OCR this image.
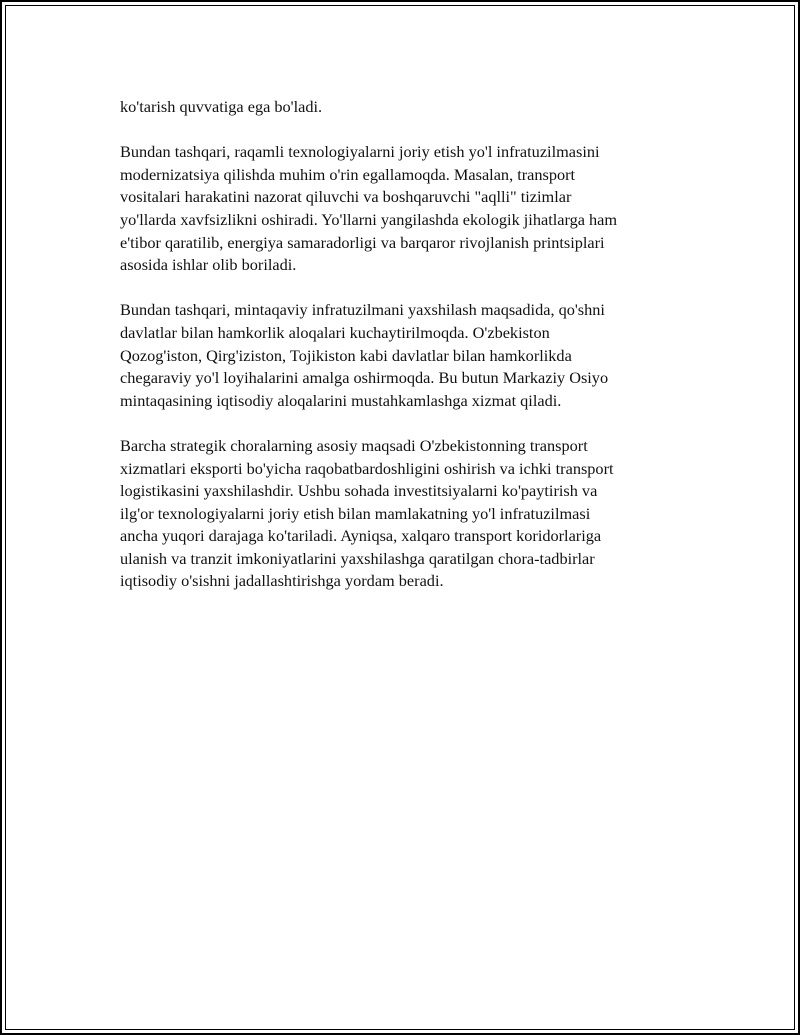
ko'tarish quvvatiga ega bo'ladi.

Bundan tashqari, raqamli texnologiyalarni joriy etish yo'l infratuzilmasini
modernizatsiya qilishda muhim o'rin egallamoqda. Masalan, transport
vositalari harakatini nazorat qiluvchi va boshqaruvchi "aqlli" tizimlar
yo'llarda xavfsizlikni oshiradi. Yo'llarni yangilashda ekologik jihatlarga ham
e'tibor qaratilib, energiya samaradorligi va barqaror rivojlanish printsiplari
asosida ishlar olib boriladi.

Bundan tashqari, mintaqaviy infratuzilmani yaxshilash maqsadida, qo'shni
davlatlar bilan hamkorlik aloqalari kuchaytirilmoqda. O'zbekiston
Qozog'iston, Qirg'iziston, Tojikiston kabi davlatlar bilan hamkorlikda
chegaraviy yo'l loyihalarini amalga oshirmoqda. Bu butun Markaziy Osiyo
mintaqasining iqtisodiy aloqalarini mustahkamlashga xizmat qiladi.

Barcha strategik choralarning asosiy maqsadi O'zbekistonning transport
xizmatlari eksporti bo'yicha raqobatbardoshligini oshirish va ichki transport
logistikasini yaxshilashdir. Ushbu sohada investitsiyalarni ko'paytirish va
ilg'or texnologiyalarni joriy etish bilan mamlakatning yo'l infratuzilmasi
ancha yuqori darajaga ko'tariladi. Ayniqsa, xalqaro transport koridorlariga
ulanish va tranzit imkoniyatlarini yaxshilashga qaratilgan chora-tadbirlar
iqtisodiy o'sishni jadallashtirishga yordam beradi.
